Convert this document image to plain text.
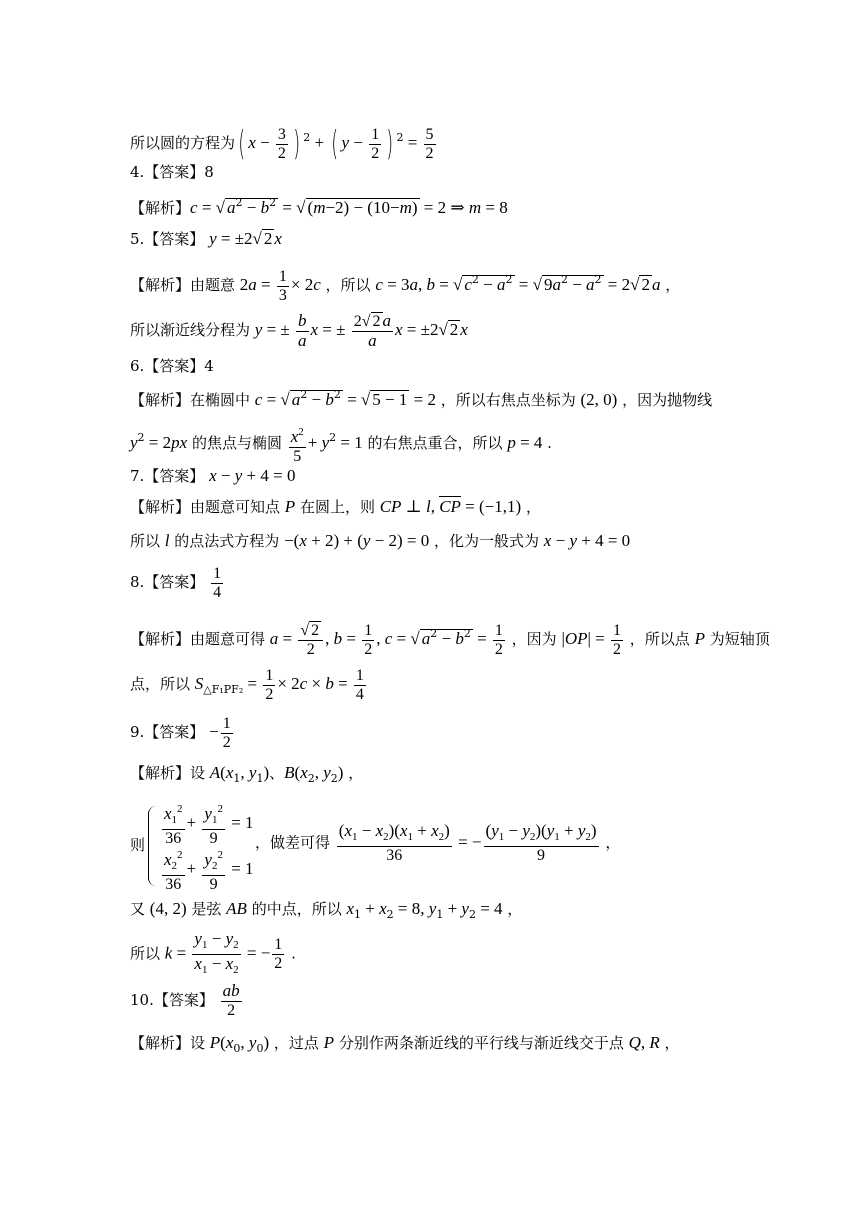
所以圆的方程为( $x - \frac{3}{2}$ ) $^2$ + ( $y - \frac{1}{2}$ ) $^2 = \frac{5}{2}$
4.【答案】8
【解析】c = √ $a^2 - b^2$ = √ (m−2) − (10−m) = 2 ⇒ m = 8
5.【答案】 y = ±2√ 2 x
【解析】由题意 $2a = \frac{1}{3} \times 2c$ ，所以 c = 3a, b = √ $c^2 - a^2$ = √ $9a^2 - a^2 = 2√$ 2 a ，
所以渐近线分程为 y = ± $\frac{b}{a}$ x = ± $\frac{2√ 2 a}{a}$ x = ±2√ 2 x
6.【答案】4
【解析】在椭圆中 c = √ $a^2 - b^2$ = √ 5 − 1 = 2 ，所以右焦点坐标为 (2, 0) ，因为抛物线
$y^2 = 2px$ 的焦点与椭圆 $\frac{x^2}{5} + y^2 = 1$ 的右焦点重合，所以 p = 4 .
7.【答案】 x − y + 4 = 0
【解析】由题意可知点 P 在圆上，则 CP ⊥ l, CP = (−1,1) ，
所以 l 的点法式方程为 −(x + 2) + (y − 2) = 0 ，化为一般式为 x − y + 4 = 0
8.【答案】 $\frac{1}{4}$
【解析】由题意可得 $a = \frac{√ 2}{2}$ , $b = \frac{1}{2}$ , c = √ $a^2 - b^2 = \frac{1}{2}$ ，因为 $|OP| = \frac{1}{2}$ ，所以点 P 为短轴顶
点，所以 $S_{\triangle F_1PF_2} = \frac{1}{2} \times 2c \times b = \frac{1}{4}$
9.【答案】 − $\frac{1}{2}$
【解析】设 $A(x_1$, $y_1$)、$B(x_2$, $y_2$) ，
则 $\frac{x_1^2}{36} + \frac{y_1^2}{9} = 1$
$\frac{x_2^2}{36} + \frac{y_2^2}{9} = 1$
，做差可得 $\frac{(x_1 - x_2)(x_1 + x_2)}{36}$ = − $\frac{(y_1 - y_2)(y_1 + y_2)}{9}$ ，
又 (4, 2) 是弦 AB 的中点，所以 $x_1 + x_2 = 8$, $y_1 + y_2 = 4$ ，
所以 $k = \frac{y_1 - y_2}{x_1 - x_2}$ = − $\frac{1}{2}$ .
10.【答案】 $\frac{ab}{2}$
【解析】设 $P(x_0$, $y_0$) ，过点 P 分别作两条渐近线的平行线与渐近线交于点 Q, R ，
